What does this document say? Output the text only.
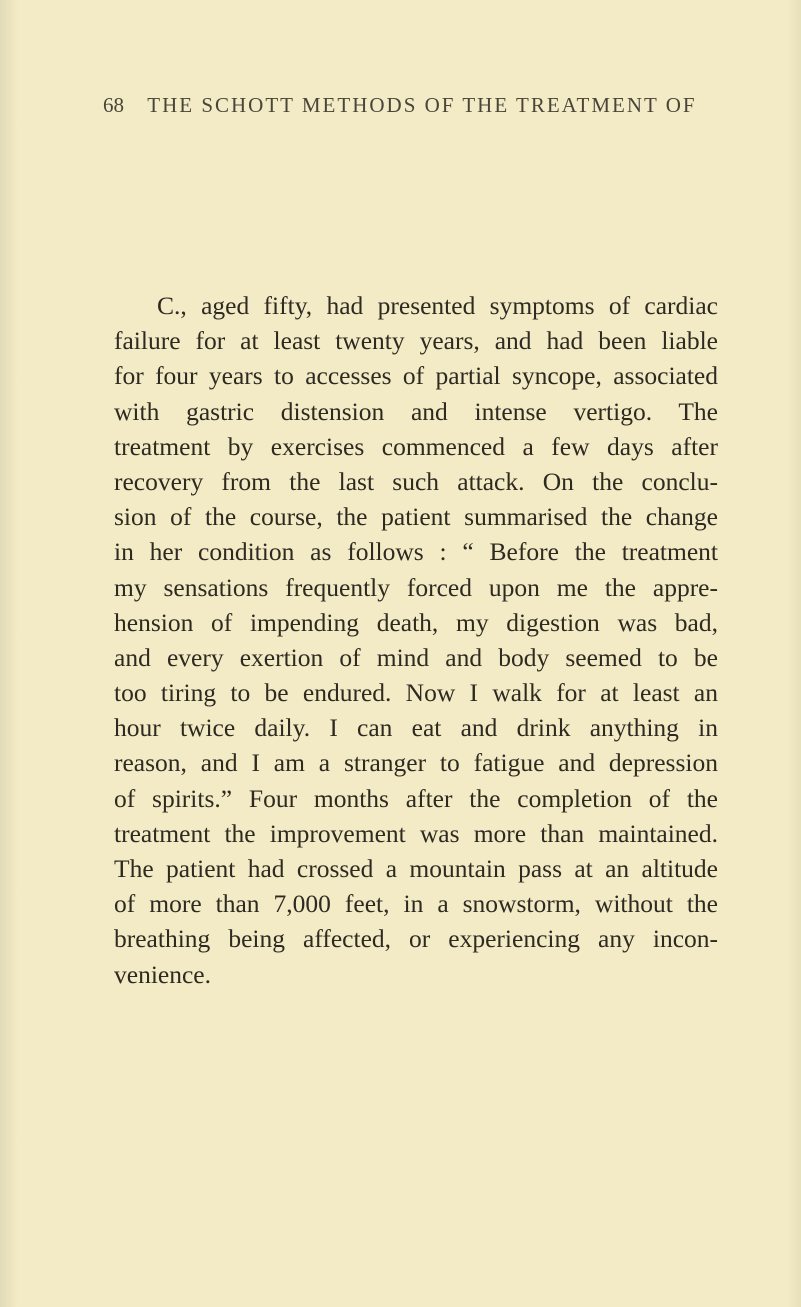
68 THE SCHOTT METHODS OF THE TREATMENT OF
C., aged fifty, had presented symptoms of cardiac
failure for at least twenty years, and had been liable
for four years to accesses of partial syncope, associated
with gastric distension and intense vertigo. The
treatment by exercises commenced a few days after
recovery from the last such attack. On the conclu-
sion of the course, the patient summarised the change
in her condition as follows : “ Before the treatment
my sensations frequently forced upon me the appre-
hension of impending death, my digestion was bad,
and every exertion of mind and body seemed to be
too tiring to be endured. Now I walk for at least an
hour twice daily. I can eat and drink anything in
reason, and I am a stranger to fatigue and depression
of spirits.” Four months after the completion of the
treatment the improvement was more than maintained.
The patient had crossed a mountain pass at an altitude
of more than 7,000 feet, in a snowstorm, without the
breathing being affected, or experiencing any incon-
venience.
